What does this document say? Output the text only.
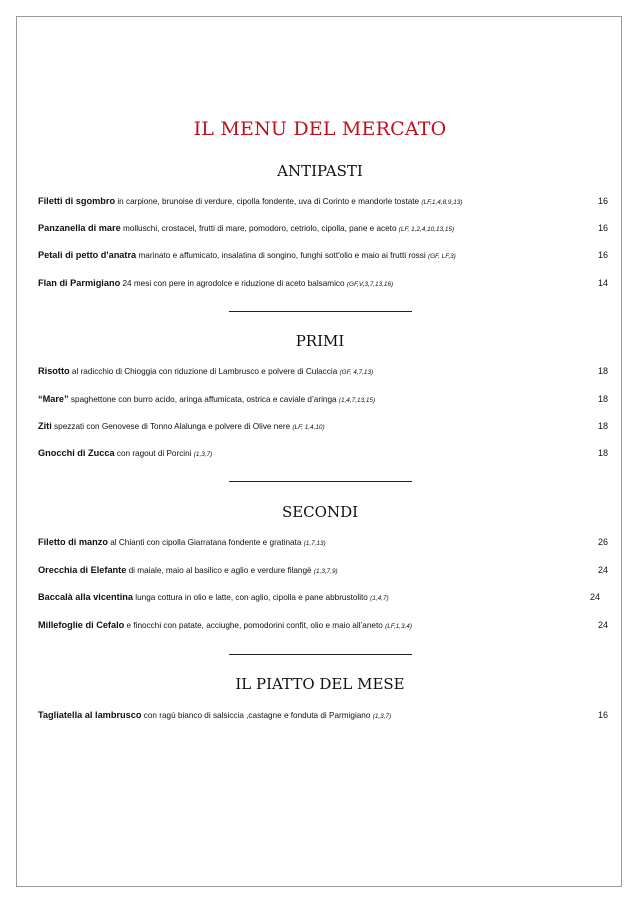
IL MENU DEL MERCATO
ANTIPASTI
Filetti di sgombro in carpione, brunoise di verdure, cipolla fondente, uva di Corinto e mandorle tostate (LF,1,4,8,9,13)	16
Panzanella di mare molluschi, crostacei, frutti di mare, pomodoro, cetriolo, cipolla, pane e aceto (LF, 1,2,4,10,13,15)	16
Petali di petto d'anatra marinato e affumicato, insalatina di songino, funghi sott'olio e maio ai frutti rossi (GF, LF,3)	16
Flan di Parmigiano 24 mesi con pere in agrodolce e riduzione di aceto balsamico (GF,V,3,7,13,16)	14
PRIMI
Risotto al radicchio di Chioggia con riduzione di Lambrusco e polvere di Culaccia (GF, 4,7,13)	18
“Mare” spaghettone con burro acido, aringa affumicata, ostrica e caviale d’aringa (1,4,7,13,15)	18
Ziti spezzati con Genovese di Tonno Alalunga e polvere di Olive nere (LF, 1,4,10)	18
Gnocchi di Zucca con ragout di Porcini (1,3,7)	18
SECONDI
Filetto di manzo al Chianti con cipolla Giarratana fondente e gratinata (1,7,13)	26
Orecchia di Elefante di maiale, maio al basilico e aglio e verdure filangè (1,3,7,9)	24
Baccalà alla vicentina lunga cottura in olio e latte, con aglio, cipolla e pane abbrustolito (1,4,7)	24
Millefoglie di Cefalo e finocchi con patate, acciughe, pomodorini confit, olio e maio all’aneto (LF,1,3,4)	24
IL PIATTO DEL MESE
Tagliatella al lambrusco con ragù bianco di salsiccia ,castagne e fonduta di Parmigiano (1,3,7)	16
